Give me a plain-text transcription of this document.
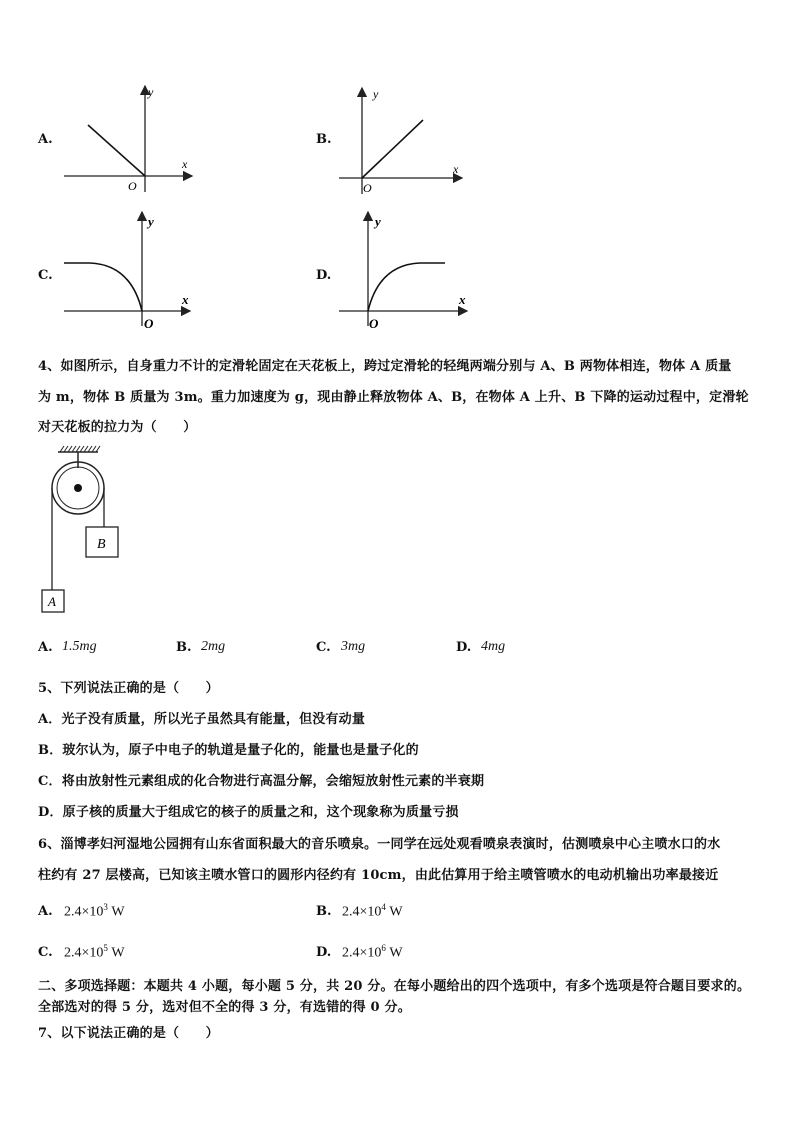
A.
y
x
O
B.
y
x
O
C.
y
x
O
D.
y
x
O
4、如图所示，自身重力不计的定滑轮固定在天花板上，跨过定滑轮的轻绳两端分别与 A、B 两物体相连，物体 A 质量
为 m，物体 B 质量为 3m。重力加速度为 g，现由静止释放物体 A、B，在物体 A 上升、B 下降的运动过程中，定滑轮
对天花板的拉力为（　　）
B
A
A. 1.5mg	B. 2mg	C. 3mg	D. 4mg
5、下列说法正确的是（　　）
A．光子没有质量，所以光子虽然具有能量，但没有动量
B．玻尔认为，原子中电子的轨道是量子化的，能量也是量子化的
C．将由放射性元素组成的化合物进行高温分解，会缩短放射性元素的半衰期
D．原子核的质量大于组成它的核子的质量之和，这个现象称为质量亏损
6、淄博孝妇河湿地公园拥有山东省面积最大的音乐喷泉。一同学在远处观看喷泉表演时，估测喷泉中心主喷水口的水
柱约有 27 层楼高，已知该主喷水管口的圆形内径约有 10cm，由此估算用于给主喷管喷水的电动机输出功率最接近
A. $2.4\times 10^3$ W	B. $2.4\times 10^4$ W
C. $2.4\times 10^5$ W	D. $2.4\times 10^6$ W
二、多项选择题：本题共 4 小题，每小题 5 分，共 20 分。在每小题给出的四个选项中，有多个选项是符合题目要求的。
全部选对的得 5 分，选对但不全的得 3 分，有选错的得 0 分。
7、以下说法正确的是（　　）
